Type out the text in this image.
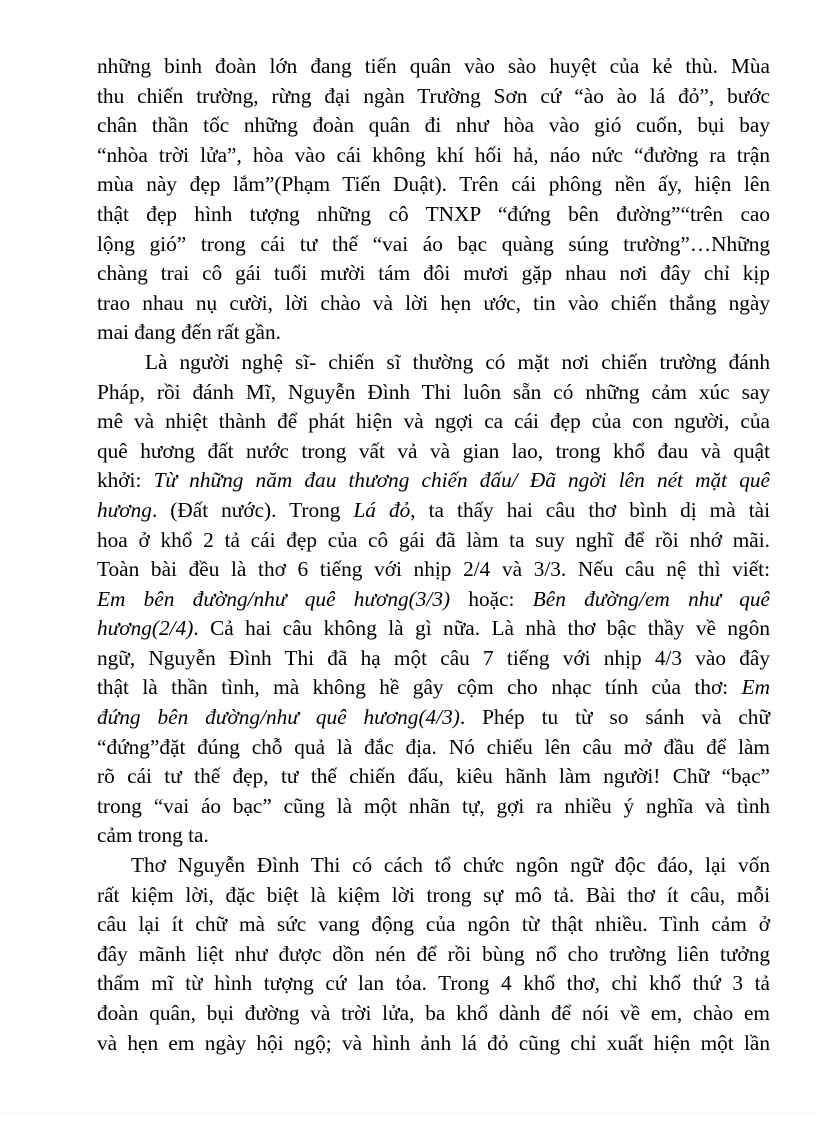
những binh đoàn lớn đang tiến quân vào sào huyệt của kẻ thù. Mùa
thu chiến trường, rừng đại ngàn Trường Sơn cứ “ào ào lá đỏ”, bước
chân thần tốc những đoàn quân đi như hòa vào gió cuốn, bụi bay
“nhòa trời lửa”, hòa vào cái không khí hối hả, náo nức “đường ra trận
mùa này đẹp lắm”(Phạm Tiến Duật). Trên cái phông nền ấy, hiện lên
thật đẹp hình tượng những cô TNXP “đứng bên đường”“trên cao
lộng gió” trong cái tư thế “vai áo bạc quàng súng trường”…Những
chàng trai cô gái tuổi mười tám đôi mươi gặp nhau nơi đây chỉ kịp
trao nhau nụ cười, lời chào và lời hẹn ước, tin vào chiến thắng ngày
mai đang đến rất gần.
Là người nghệ sĩ- chiến sĩ thường có mặt nơi chiến trường đánh
Pháp, rồi đánh Mĩ, Nguyễn Đình Thi luôn sẵn có những cảm xúc say
mê và nhiệt thành để phát hiện và ngợi ca cái đẹp của con người, của
quê hương đất nước trong vất vả và gian lao, trong khổ đau và quật
khởi: Từ những năm đau thương chiến đấu/ Đã ngời lên nét mặt quê
hương. (Đất nước). Trong Lá đỏ, ta thấy hai câu thơ bình dị mà tài
hoa ở khổ 2 tả cái đẹp của cô gái đã làm ta suy nghĩ để rồi nhớ mãi.
Toàn bài đều là thơ 6 tiếng với nhịp 2/4 và 3/3. Nếu câu nệ thì viết:
Em bên đường/như quê hương(3/3) hoặc: Bên đường/em như quê
hương(2/4). Cả hai câu không là gì nữa. Là nhà thơ bậc thầy về ngôn
ngữ, Nguyễn Đình Thi đã hạ một câu 7 tiếng với nhịp 4/3 vào đây
thật là thần tình, mà không hề gây cộm cho nhạc tính của thơ: Em
đứng bên đường/như quê hương(4/3). Phép tu từ so sánh và chữ
“đứng”đặt đúng chỗ quả là đắc địa. Nó chiếu lên câu mở đầu để làm
rõ cái tư thế đẹp, tư thế chiến đấu, kiêu hãnh làm người! Chữ “bạc”
trong “vai áo bạc” cũng là một nhãn tự, gợi ra nhiều ý nghĩa và tình
cảm trong ta.
Thơ Nguyễn Đình Thi có cách tổ chức ngôn ngữ độc đáo, lại vốn
rất kiệm lời, đặc biệt là kiệm lời trong sự mô tả. Bài thơ ít câu, mỗi
câu lại ít chữ mà sức vang động của ngôn từ thật nhiều. Tình cảm ở
đây mãnh liệt như được dồn nén để rồi bùng nổ cho trường liên tưởng
thẩm mĩ từ hình tượng cứ lan tỏa. Trong 4 khổ thơ, chỉ khổ thứ 3 tả
đoàn quân, bụi đường và trời lửa, ba khổ dành để nói về em, chào em
và hẹn em ngày hội ngộ; và hình ảnh lá đỏ cũng chỉ xuất hiện một lần
